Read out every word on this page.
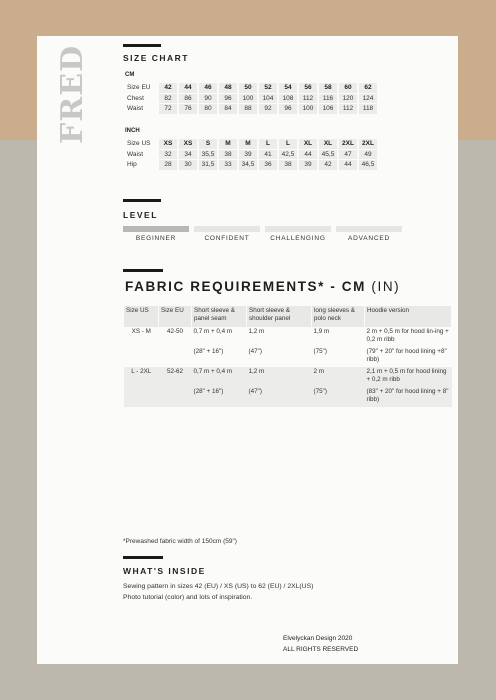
FRED	SIZE CHART
CM
Size EU	42	44	46	48	50	52	54	56	58	60	62
Chest	82	86	90	96	100	104	108	112	116	120	124
Waist	72	76	80	84	88	92	96	100	106	112	118
INCH
Size US	XS	XS	S	M	M	L	L	XL	XL	2XL	2XL
Waist	32	34	35,5	38	39	41	42,5	44	45,5	47	49
Hip	28	30	31,5	33	34,5	36	38	39	42	44	46,5
LEVEL
BEGINNER	CONFIDENT	CHALLENGING	ADVANCED
FABRIC REQUIREMENTS* - CM (IN)
Size US	Size EU	Short sleeve & panel seam	Short sleeve & shoulder panel	long sleeves & polo neck	Hoodie version
XS - M	42-50	0,7 m + 0,4 m	1,2 m	1,9 m	2 m + 0,5 m for hood lin-ing + 0,2 m ribb
		(28" + 16")	(47")	(75")	(79" + 20" for hood lining +8" ribb)
L - 2XL	52-62	0,7 m + 0,4 m	1,2 m	2 m	2,1 m + 0,5 m for hood lining + 0,2 m ribb
		(28" + 16")	(47")	(75")	(83" + 20" for hood lining + 8" ribb)
*Prewashed fabric width of 150cm (59")
WHAT'S INSIDE
Sewing pattern in sizes 42 (EU) / XS (US) to 62 (EU) / 2XL(US)
Photo tutorial (color) and lots of inspiration.
Elvelyckan Design 2020
ALL RIGHTS RESERVED
